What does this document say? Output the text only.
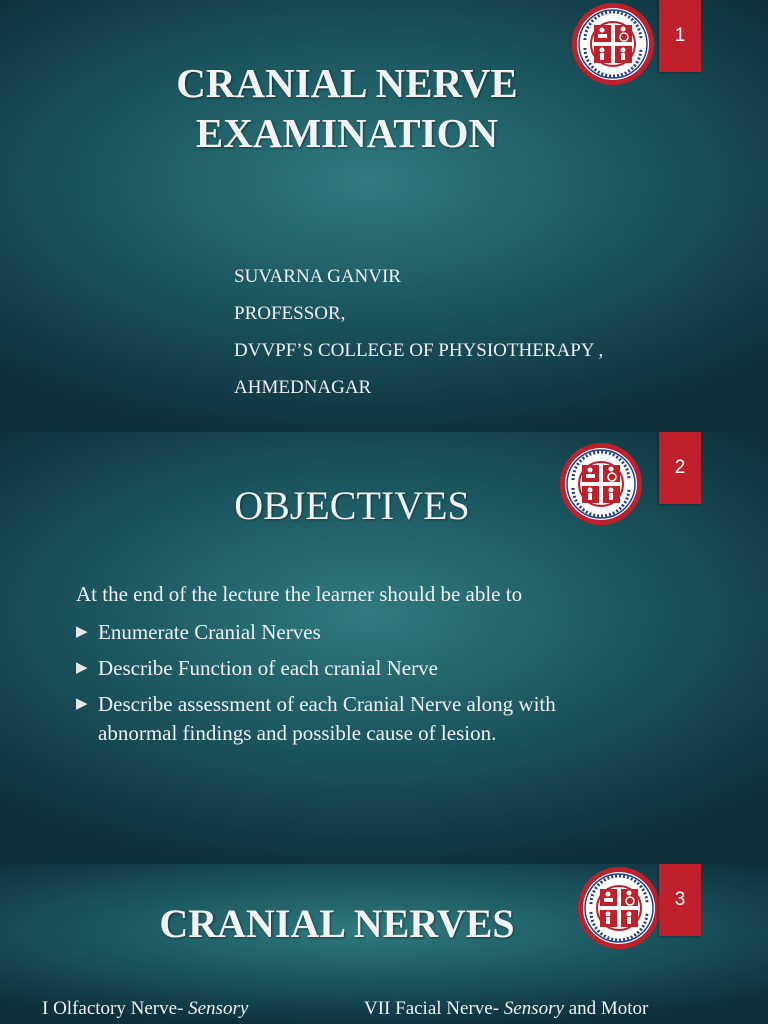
1
CRANIAL NERVE
EXAMINATION
SUVARNA GANVIR
PROFESSOR,
DVVPF’S COLLEGE OF PHYSIOTHERAPY ,
AHMEDNAGAR
2
OBJECTIVES
At the end of the lecture the learner should be able to
▶ Enumerate Cranial Nerves
▶ Describe Function of each cranial Nerve
▶ Describe assessment of each Cranial Nerve along with abnormal findings and possible cause of lesion.
3
CRANIAL NERVES
I Olfactory Nerve- Sensory	VII Facial Nerve- Sensory and Motor
